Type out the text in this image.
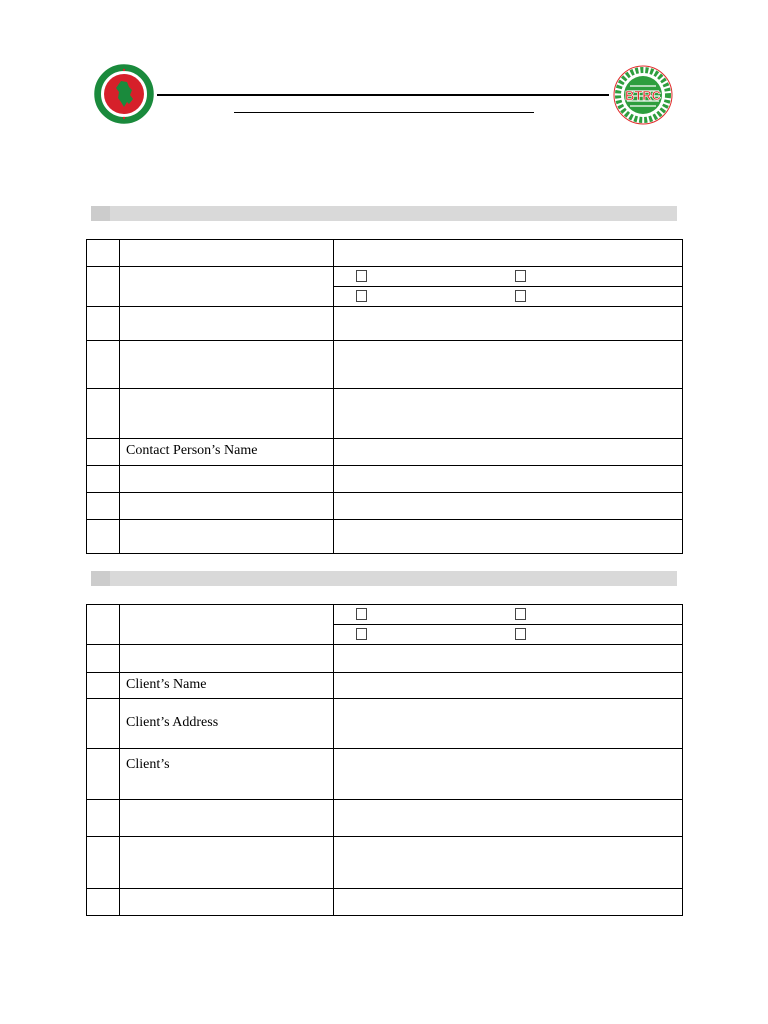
BTRC

	Contact Person’s Name	

	Client’s Name	
	Client’s Address	
	Client’s	
